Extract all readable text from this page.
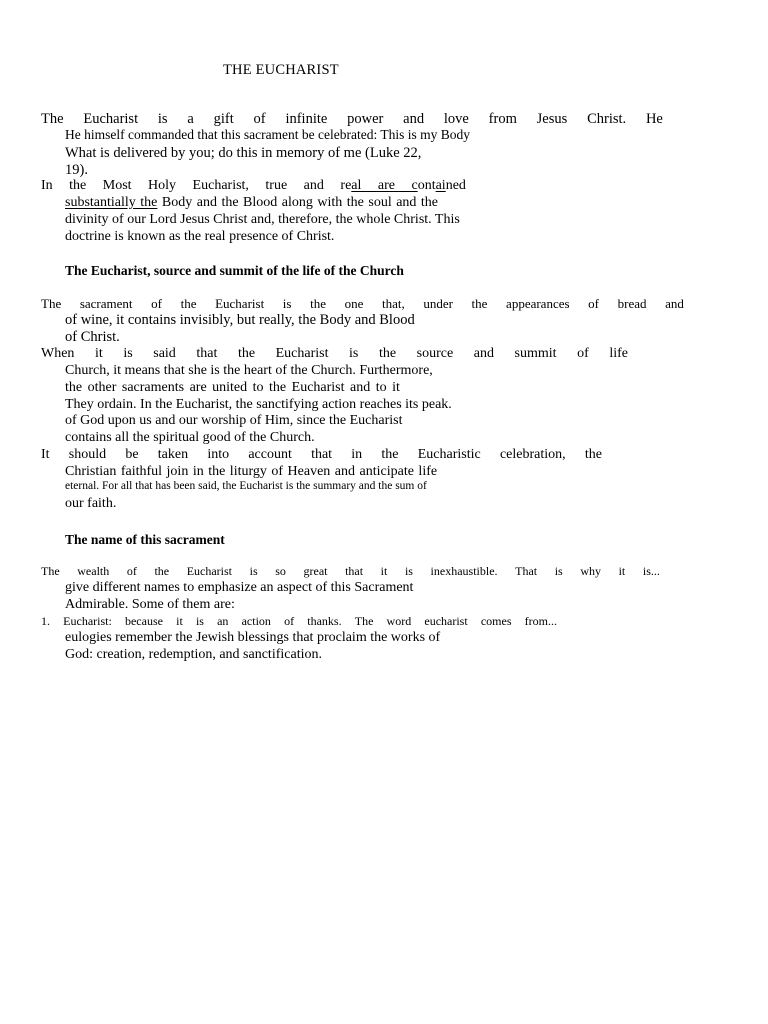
THE EUCHARIST
The Eucharist is a gift of infinite power and love from Jesus Christ. He
He himself commanded that this sacrament be celebrated: This is my Body
What is delivered by you; do this in memory of me (Luke 22,
19).
In the Most Holy Eucharist, true and real are contained
substantially the Body and the Blood along with the soul and the
divinity of our Lord Jesus Christ and, therefore, the whole Christ. This
doctrine is known as the real presence of Christ.
The Eucharist, source and summit of the life of the Church
The sacrament of the Eucharist is the one that, under the appearances of bread and
of wine, it contains invisibly, but really, the Body and Blood
of Christ.
When it is said that the Eucharist is the source and summit of life
Church, it means that she is the heart of the Church. Furthermore,
the other sacraments are united to the Eucharist and to it
They ordain. In the Eucharist, the sanctifying action reaches its peak.
of God upon us and our worship of Him, since the Eucharist
contains all the spiritual good of the Church.
It should be taken into account that in the Eucharistic celebration, the
Christian faithful join in the liturgy of Heaven and anticipate life
eternal. For all that has been said, the Eucharist is the summary and the sum of
our faith.
The name of this sacrament
The wealth of the Eucharist is so great that it is inexhaustible. That is why it is...
give different names to emphasize an aspect of this Sacrament
Admirable. Some of them are:
1. Eucharist: because it is an action of thanks. The word eucharist comes from...
eulogies remember the Jewish blessings that proclaim the works of
God: creation, redemption, and sanctification.
